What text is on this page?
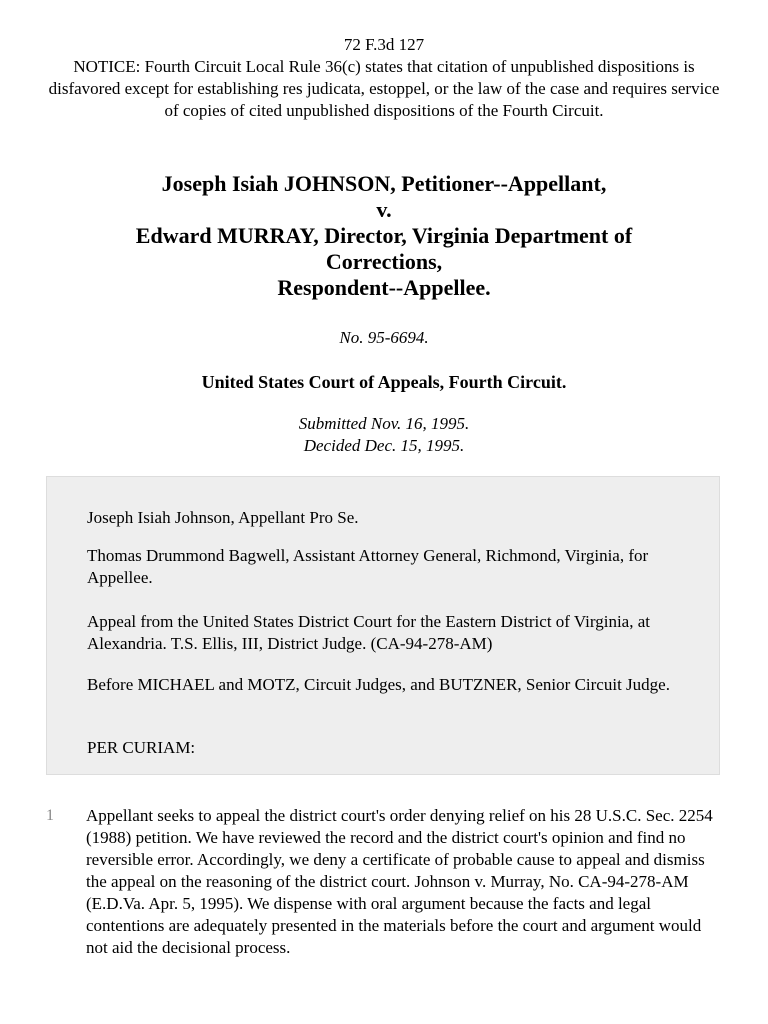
72 F.3d 127

NOTICE: Fourth Circuit Local Rule 36(c) states that citation of unpublished dispositions is disfavored except for establishing res judicata, estoppel, or the law of the case and requires service of copies of cited unpublished dispositions of the Fourth Circuit.

Joseph Isiah JOHNSON, Petitioner--Appellant,
v.
Edward MURRAY, Director, Virginia Department of
Corrections,
Respondent--Appellee.
No. 95-6694.
United States Court of Appeals, Fourth Circuit.
Submitted Nov. 16, 1995.
Decided Dec. 15, 1995.

Joseph Isiah Johnson, Appellant Pro Se.

Thomas Drummond Bagwell, Assistant Attorney General, Richmond, Virginia, for Appellee.

Appeal from the United States District Court for the Eastern District of Virginia, at Alexandria. T.S. Ellis, III, District Judge. (CA-94-278-AM)

Before MICHAEL and MOTZ, Circuit Judges, and BUTZNER, Senior Circuit Judge.

PER CURIAM:

1 Appellant seeks to appeal the district court's order denying relief on his 28 U.S.C. Sec. 2254 (1988) petition. We have reviewed the record and the district court's opinion and find no reversible error. Accordingly, we deny a certificate of probable cause to appeal and dismiss the appeal on the reasoning of the district court. Johnson v. Murray, No. CA-94-278-AM (E.D.Va. Apr. 5, 1995). We dispense with oral argument because the facts and legal contentions are adequately presented in the materials before the court and argument would not aid the decisional process.
